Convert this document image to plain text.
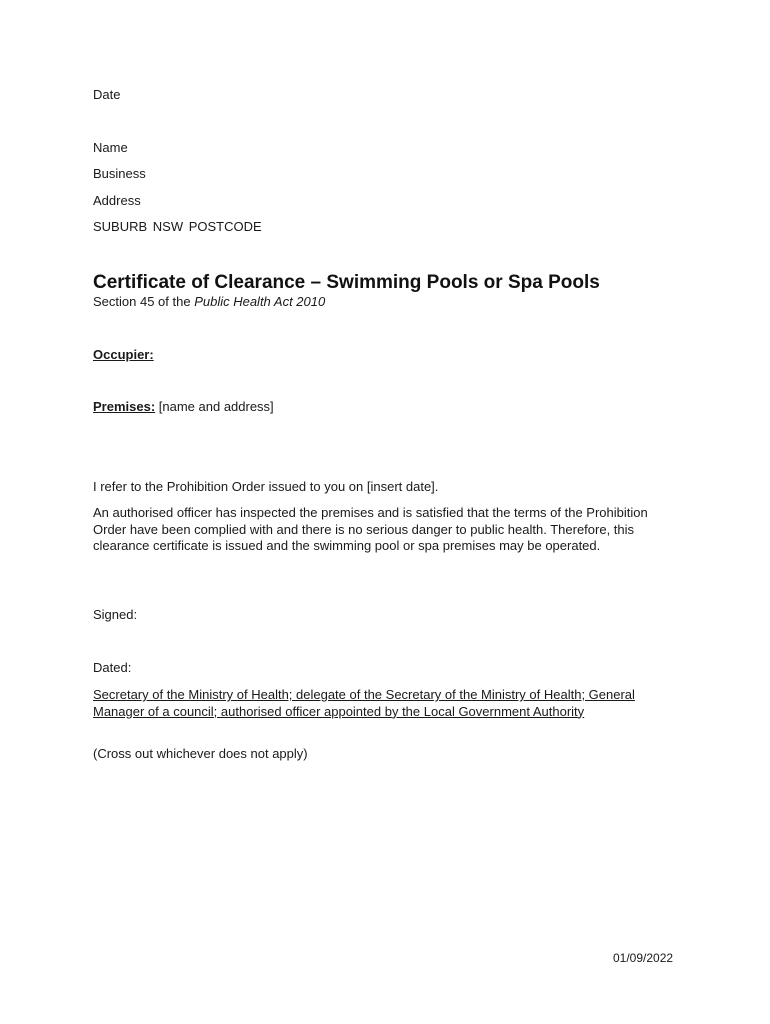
Date
Name
Business
Address
SUBURB NSW POSTCODE
Certificate of Clearance – Swimming Pools or Spa Pools
Section 45 of the Public Health Act 2010
Occupier:
Premises: [name and address]
I refer to the Prohibition Order issued to you on [insert date].
An authorised officer has inspected the premises and is satisfied that the terms of the Prohibition Order have been complied with and there is no serious danger to public health. Therefore, this clearance certificate is issued and the swimming pool or spa premises may be operated.
Signed:
Dated:
Secretary of the Ministry of Health; delegate of the Secretary of the Ministry of Health; General Manager of a council; authorised officer appointed by the Local Government Authority
(Cross out whichever does not apply)
01/09/2022
